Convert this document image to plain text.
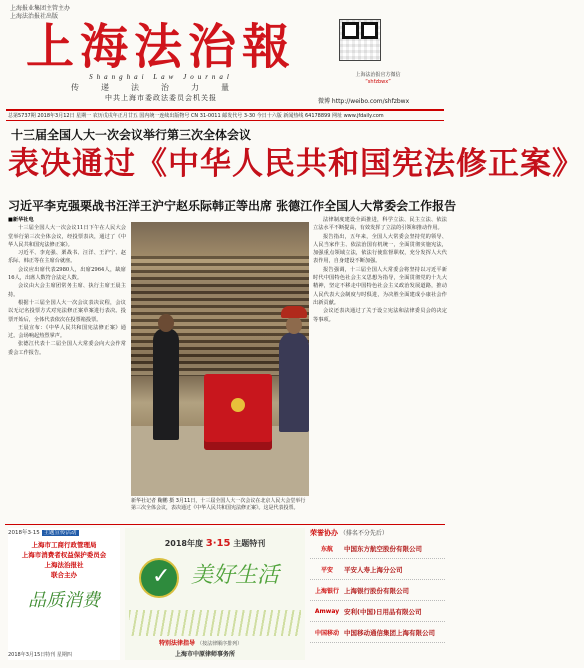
上海报业集团主管主办
上海法治报社出版
上海法治報
Shanghai Law Journal
传递法治力量
中共上海市委政法委员会机关报
上海法治报官方微信
“shfzbwx”
微博 http://weibo.com/shfzbwx
总第5737期 2018年3月12日 星期一 农历戊戌年正月廿五 国内统一连续出版物号 CN 31-0011 邮发代号 3-30 今日十六版 新闻热线 64178899 网址 www.jfdaily.com
十三届全国人大一次会议举行第三次全体会议
表决通过《中华人民共和国宪法修正案》
习近平李克强栗战书汪洋王沪宁赵乐际韩正等出席 张德江作全国人大常委会工作报告
■新华社电

十三届全国人大一次会议11日下午在人民大会堂举行第三次全体会议，经投票表决，通过了《中华人民共和国宪法修正案》。

习近平、李克强、栗战书、汪洋、王沪宁、赵乐际、韩正等在主席台就座。

会议应出席代表2980人，出席2964人，缺席16人，出席人数符合法定人数。

会议由大会主席团常务主席、执行主席王晨主持。

根据十三届全国人大一次会议表决议程，会议以无记名投票方式对宪法修正案草案进行表决。投票开始后，全体代表依次在投票箱投票。

王晨宣布：《中华人民共和国宪法修正案》通过。会场响起热烈掌声。

张德江代表十二届全国人大常委会向大会作常委会工作报告。

新华社记者 鞠鹏 摄 3月11日，十三届全国人大一次会议在北京人民大会堂举行第三次全体会议，表决通过《中华人民共和国宪法修正案》。这是代表投票。

法律制度建设全面推进，科学立法、民主立法、依法立法水平不断提高，有效发挥了立法的引领和推动作用。

报告指出，五年来，全国人大常委会坚持党的领导、人民当家作主、依法治国有机统一，全面贯彻实施宪法，加强重点领域立法，依法行使监督职权，充分发挥人大代表作用，自身建设不断加强。

报告强调，十三届全国人大常委会将坚持以习近平新时代中国特色社会主义思想为指导，全面贯彻党的十九大精神，坚定不移走中国特色社会主义政治发展道路，推动人民代表大会制度与时俱进，为决胜全面建成小康社会作出新贡献。

会议还表决通过了关于设立宪法和法律委员会的决定等事项。

2018年3·15 主题宣传活动
上海市工商行政管理局
上海市消费者权益保护委员会
上海法治报社
联合主办
品质消费
2018年3月15日特刊 星期四
2018年度 3·15 主题特刊
✓
美好生活
特别法律指导 （按法律顺序排列）
上海市中原律师事务所
荣誉协办 （排名不分先后）
东航	中国东方航空股份有限公司
平安	平安人寿上海分公司
上海银行 上海银行股份有限公司
Amway 安利(中国)日用品有限公司
中国移动 中国移动通信集团上海有限公司
